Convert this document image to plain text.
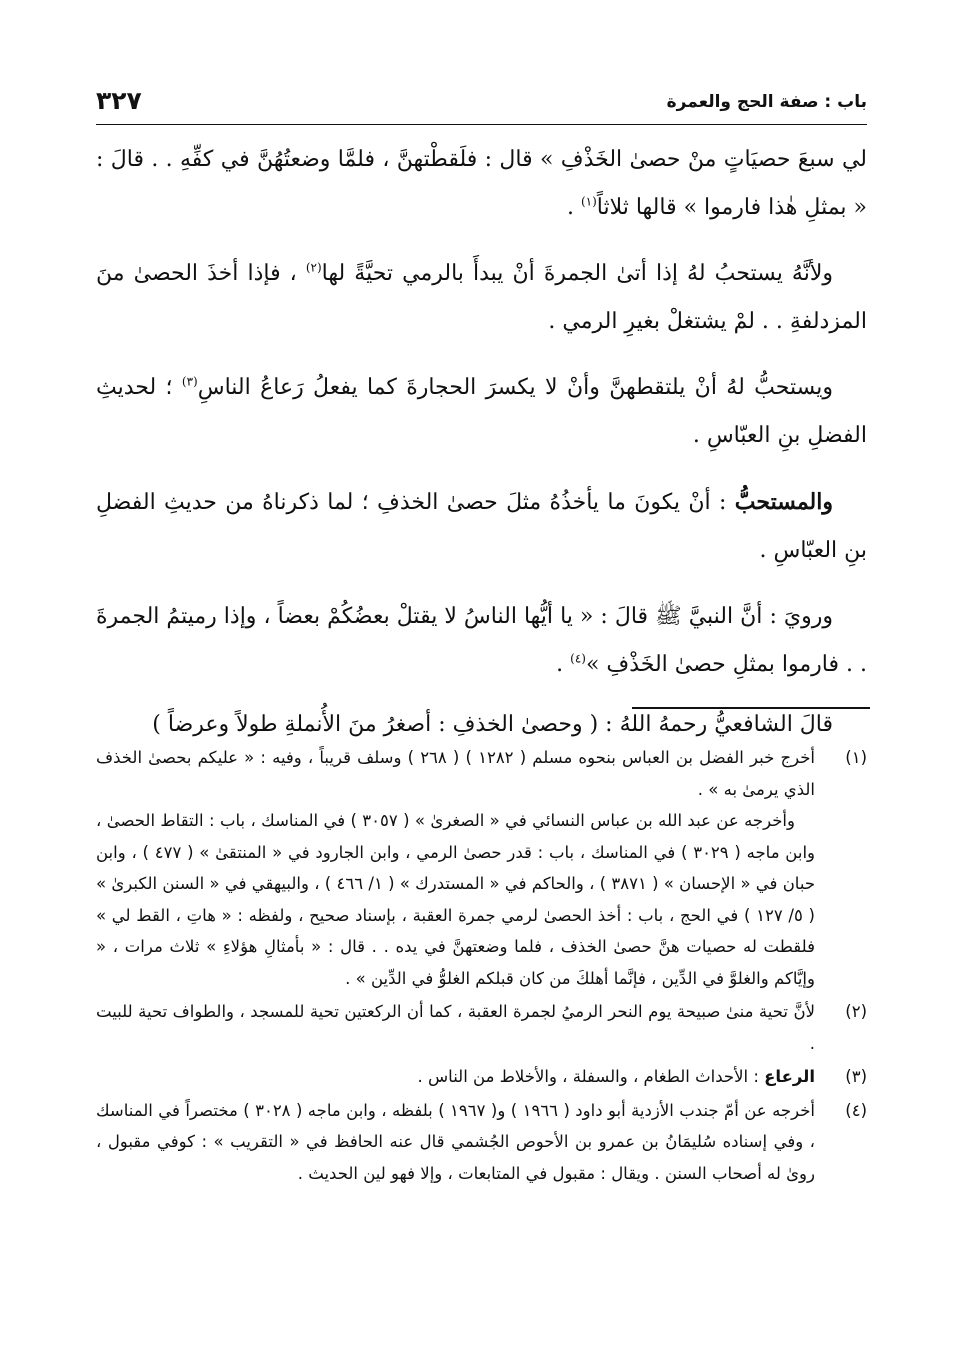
باب : صفة الحج والعمرة
٣٢٧

لي سبعَ حصيَاتٍ منْ حصىٰ الخَذْفِ » قال : فلَقطْتهنَّ ، فلمَّا وضعتُهُنَّ في كفِّهِ . . قالَ : « بمثلِ هٰذا فارموا » قالها ثلاثاً$^{(١)}$ .

ولأنَّهُ يستحبُ لهُ إذا أتىٰ الجمرةَ أنْ يبدأَ بالرمي تحيَّةً لها$^{(٢)}$ ، فإذا أخذَ الحصىٰ منَ المزدلفةِ . . لمْ يشتغلْ بغيرِ الرمي .

ويستحبُّ لهُ أنْ يلتقطهنَّ وأنْ لا يكسرَ الحجارةَ كما يفعلُ رَعاعُ الناسِ$^{(٣)}$ ؛ لحديثِ الفضلِ بنِ العبّاسِ .

والمستحبُّ : أنْ يكونَ ما يأخذُهُ مثلَ حصىٰ الخذفِ ؛ لما ذكرناهُ من حديثِ الفضلِ بنِ العبّاسِ .

ورويَ : أنَّ النبيَّ ﷺ قالَ : « يا أيُّها الناسُ لا يقتلْ بعضُكُمْ بعضاً ، وإذا رميتمُ الجمرةَ . . فارموا بمثلِ حصىٰ الخَذْفِ »$^{(٤)}$ .

قالَ الشافعيُّ رحمهُ اللهُ : ( وحصىٰ الخذفِ : أصغرُ منَ الأُنملةِ طولاً وعرضاً )

(١)
أخرج خبر الفضل بن العباس بنحوه مسلم ( ١٢٨٢ ) ( ٢٦٨ ) وسلف قريباً ، وفيه : « عليكم بحصىٰ الخذف الذي يرمىٰ به » .
وأخرجه عن عبد الله بن عباس النسائي في « الصغرىٰ » ( ٣٠٥٧ ) في المناسك ، باب : التقاط الحصىٰ ، وابن ماجه ( ٣٠٢٩ ) في المناسك ، باب : قدر حصىٰ الرمي ، وابن الجارود في « المنتقىٰ » ( ٤٧٧ ) ، وابن حبان في « الإحسان » ( ٣٨٧١ ) ، والحاكم في « المستدرك » ( ١/ ٤٦٦ ) ، والبيهقي في « السنن الكبرىٰ » ( ٥/ ١٢٧ ) في الحج ، باب : أخذ الحصىٰ لرمي جمرة العقبة ، بإسناد صحيح ، ولفظه : « هاتِ ، القط لي » فلقطت له حصيات هنَّ حصىٰ الخذف ، فلما وضعتهنَّ في يده . . قال : « بأمثالِ هؤلاءِ » ثلاث مرات ، « وإيَّاكم والغلوَّ في الدِّين ، فإنَّما أهلكَ من كان قبلكم الغلوُّ في الدِّين » .
(٢)
لأنَّ تحية منىٰ صبيحة يوم النحر الرميُ لجمرة العقبة ، كما أن الركعتين تحية للمسجد ، والطواف تحية للبيت .
(٣)
الرعاع : الأحداث الطغام ، والسفلة ، والأخلاط من الناس .
(٤)
أخرجه عن أمّ جندب الأزدية أبو داود ( ١٩٦٦ ) و( ١٩٦٧ ) بلفظه ، وابن ماجه ( ٣٠٢٨ ) مختصراً في المناسك ، وفي إسناده سُليمَانُ بن عمرو بن الأحوص الجُشمي قال عنه الحافظ في « التقريب » : كوفي مقبول ، روىٰ له أصحاب السنن . ويقال : مقبول في المتابعات ، وإلا فهو لين الحديث .
